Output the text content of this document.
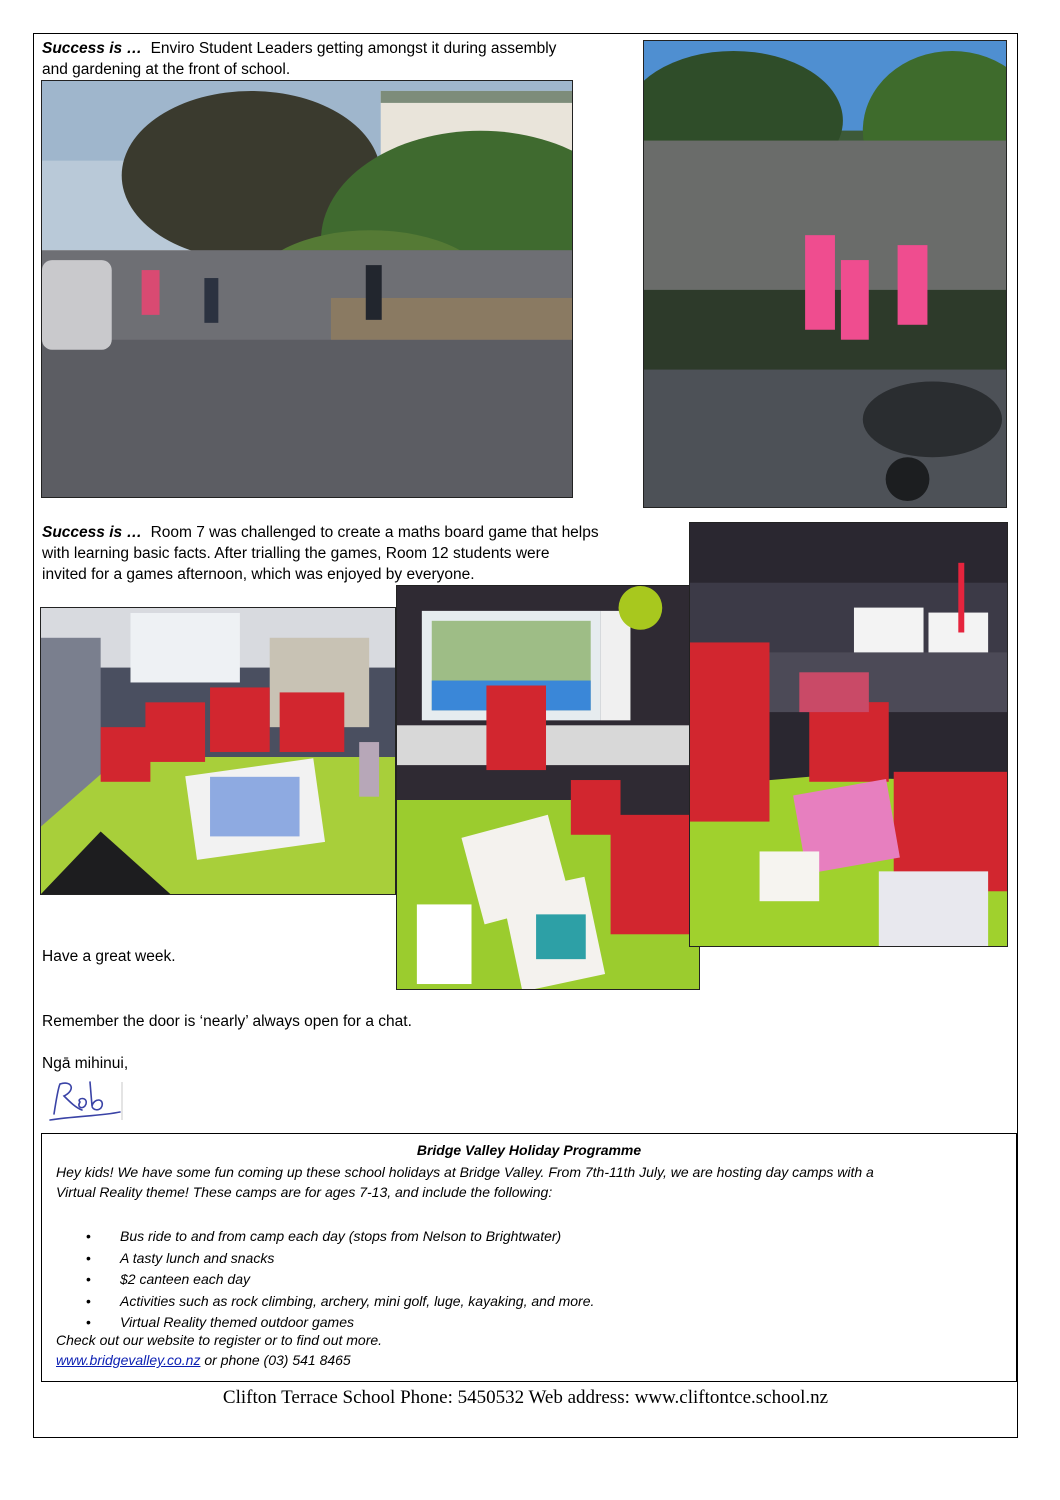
Success is … Enviro Student Leaders getting amongst it during assembly
and gardening at the front of school.
Success is … Room 7 was challenged to create a maths board game that helps
with learning basic facts. After trialling the games, Room 12 students were
invited for a games afternoon, which was enjoyed by everyone.
Have a great week.
Remember the door is ‘nearly’ always open for a chat.
Ngā mihinui,
Bridge Valley Holiday Programme
Hey kids! We have some fun coming up these school holidays at Bridge Valley. From 7th-11th July, we are hosting day camps with a
Virtual Reality theme! These camps are for ages 7-13, and include the following:
• Bus ride to and from camp each day (stops from Nelson to Brightwater)
• A tasty lunch and snacks
• $2 canteen each day
• Activities such as rock climbing, archery, mini golf, luge, kayaking, and more.
• Virtual Reality themed outdoor games
Check out our website to register or to find out more.
www.bridgevalley.co.nz or phone (03) 541 8465
Clifton Terrace School Phone: 5450532 Web address: www.cliftontce.school.nz
